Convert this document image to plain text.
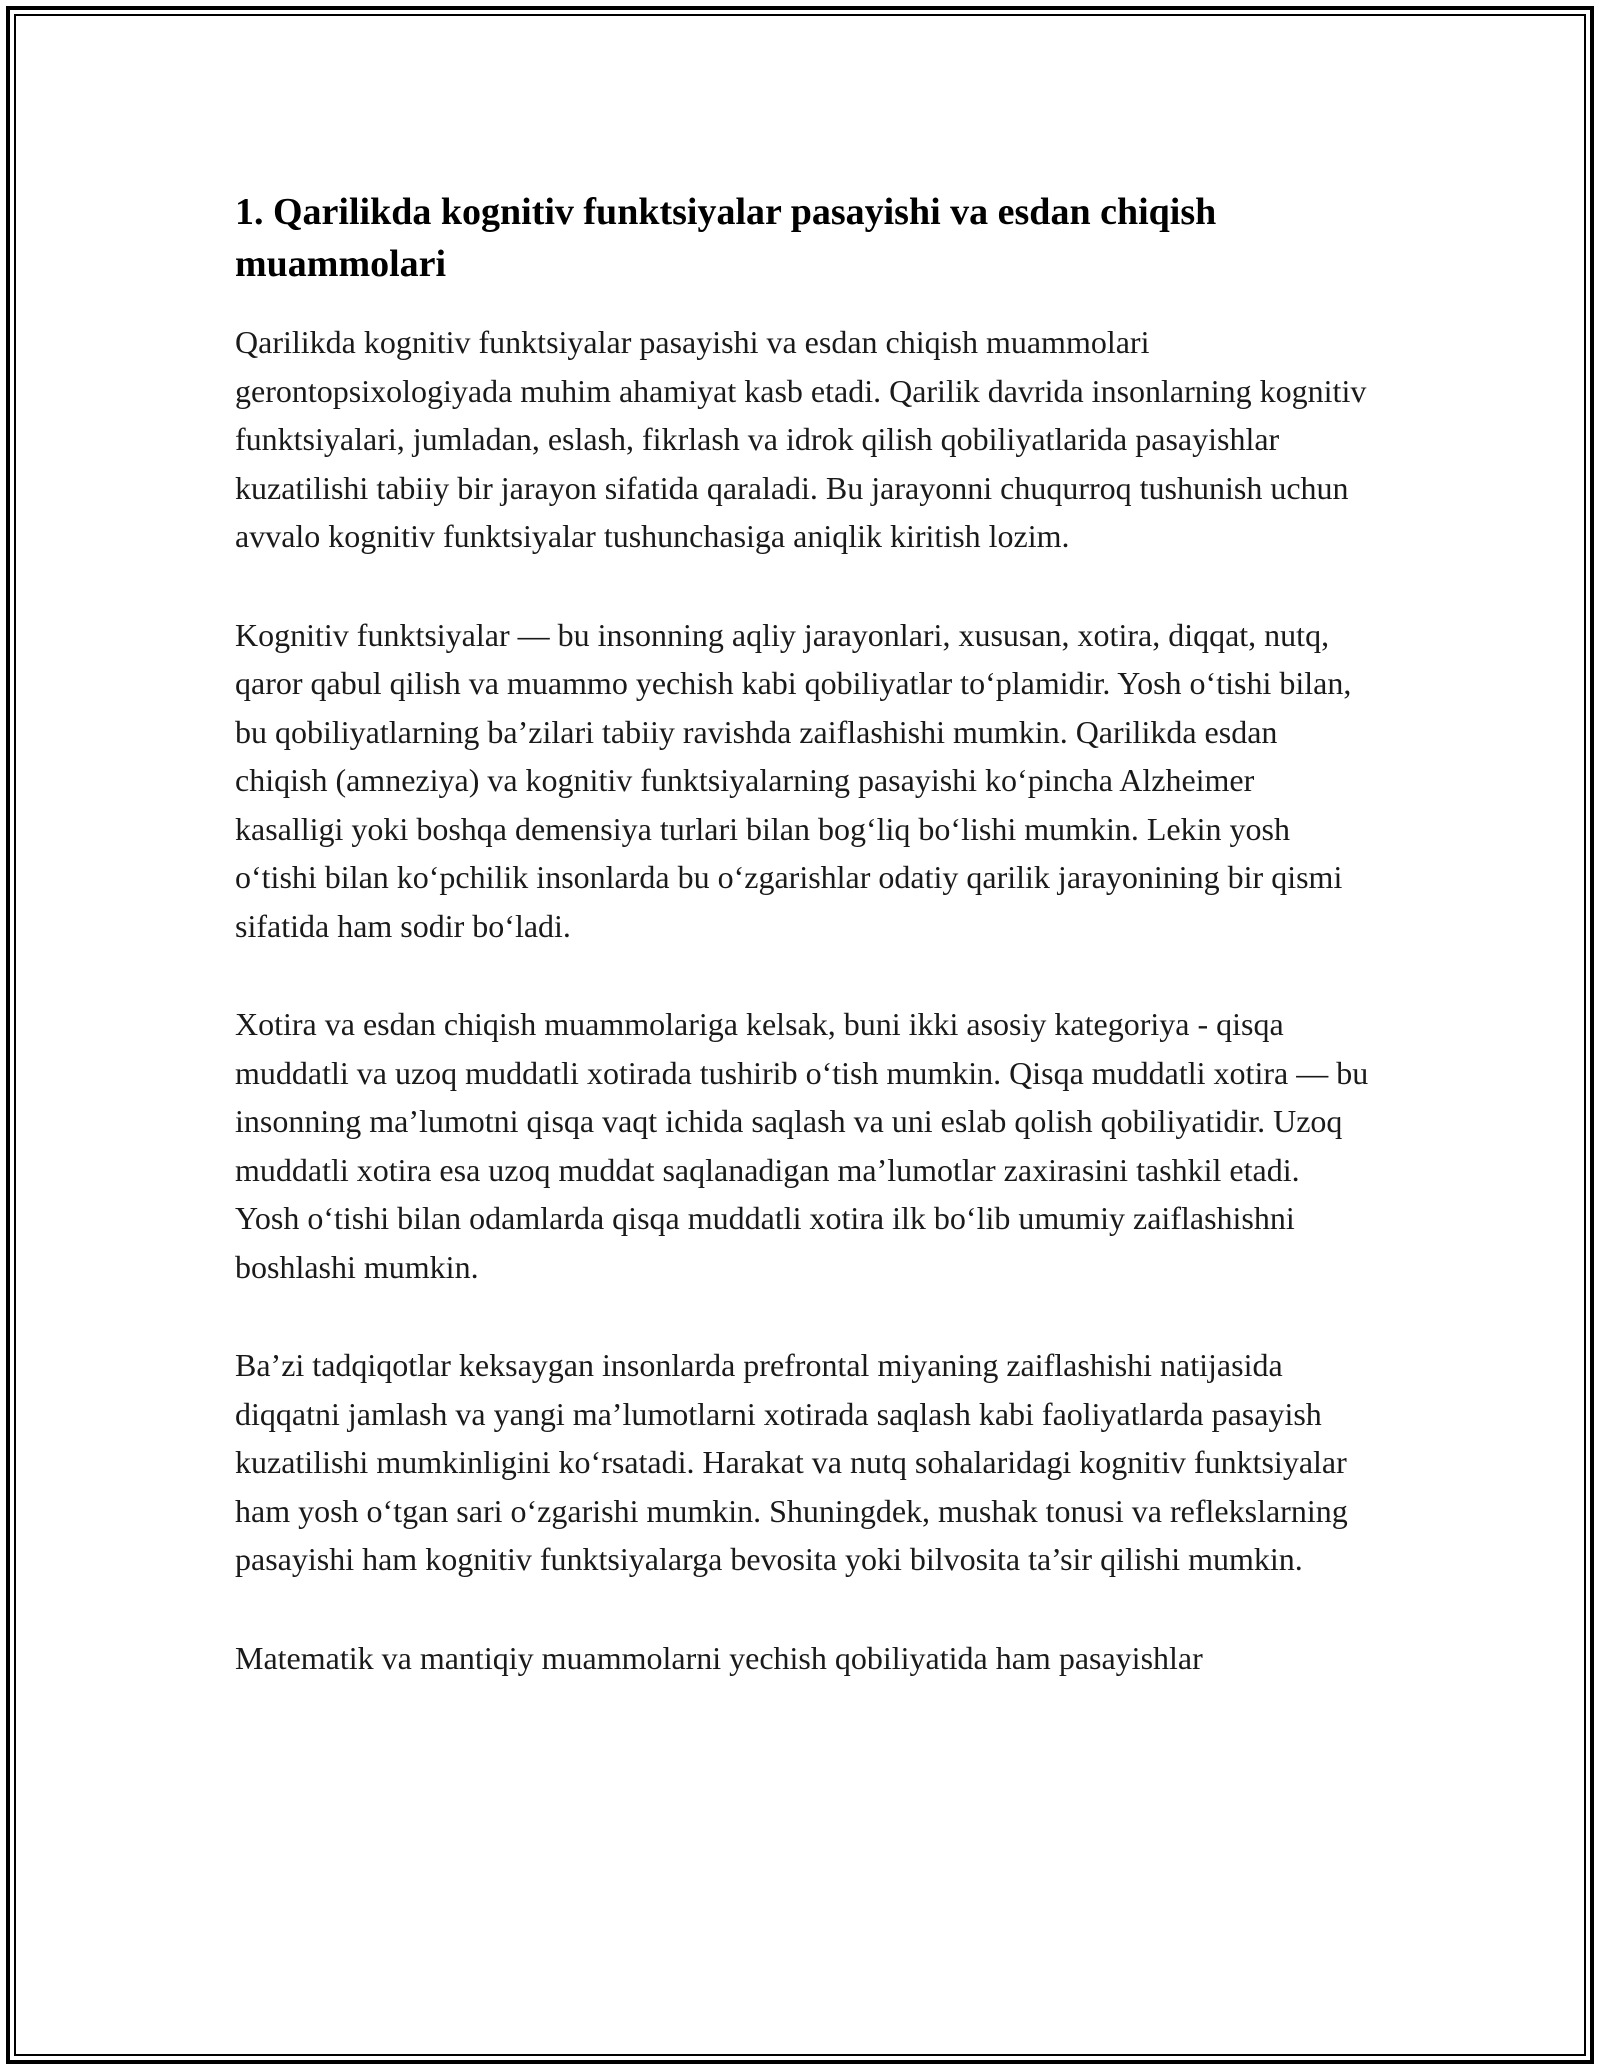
1. Qarilikda kognitiv funktsiyalar pasayishi va esdan chiqish muammolari

Qarilikda kognitiv funktsiyalar pasayishi va esdan chiqish muammolari gerontopsixologiyada muhim ahamiyat kasb etadi. Qarilik davrida insonlarning kognitiv funktsiyalari, jumladan, eslash, fikrlash va idrok qilish qobiliyatlarida pasayishlar kuzatilishi tabiiy bir jarayon sifatida qaraladi. Bu jarayonni chuqurroq tushunish uchun avvalo kognitiv funktsiyalar tushunchasiga aniqlik kiritish lozim.

Kognitiv funktsiyalar — bu insonning aqliy jarayonlari, xususan, xotira, diqqat, nutq, qaror qabul qilish va muammo yechish kabi qobiliyatlar to‘plamidir. Yosh o‘tishi bilan, bu qobiliyatlarning ba’zilari tabiiy ravishda zaiflashishi mumkin. Qarilikda esdan chiqish (amneziya) va kognitiv funktsiyalarning pasayishi ko‘pincha Alzheimer kasalligi yoki boshqa demensiya turlari bilan bog‘liq bo‘lishi mumkin. Lekin yosh o‘tishi bilan ko‘pchilik insonlarda bu o‘zgarishlar odatiy qarilik jarayonining bir qismi sifatida ham sodir bo‘ladi.

Xotira va esdan chiqish muammolariga kelsak, buni ikki asosiy kategoriya - qisqa muddatli va uzoq muddatli xotirada tushirib o‘tish mumkin. Qisqa muddatli xotira — bu insonning ma’lumotni qisqa vaqt ichida saqlash va uni eslab qolish qobiliyatidir. Uzoq muddatli xotira esa uzoq muddat saqlanadigan ma’lumotlar zaxirasini tashkil etadi. Yosh o‘tishi bilan odamlarda qisqa muddatli xotira ilk bo‘lib umumiy zaiflashishni boshlashi mumkin.

Ba’zi tadqiqotlar keksaygan insonlarda prefrontal miyaning zaiflashishi natijasida diqqatni jamlash va yangi ma’lumotlarni xotirada saqlash kabi faoliyatlarda pasayish kuzatilishi mumkinligini ko‘rsatadi. Harakat va nutq sohalaridagi kognitiv funktsiyalar ham yosh o‘tgan sari o‘zgarishi mumkin. Shuningdek, mushak tonusi va reflekslarning pasayishi ham kognitiv funktsiyalarga bevosita yoki bilvosita ta’sir qilishi mumkin.

Matematik va mantiqiy muammolarni yechish qobiliyatida ham pasayishlar
